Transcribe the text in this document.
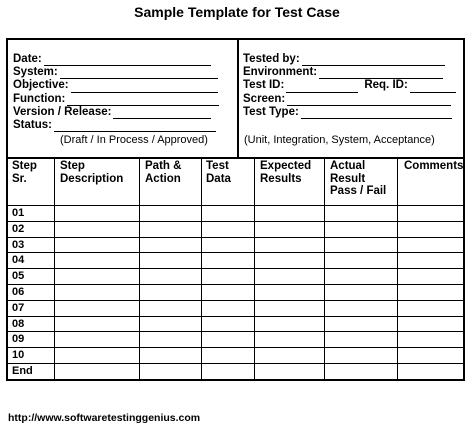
Sample Template for Test Case
Date:
System:
Objective:
Function:
Version / Release:
Status:
(Draft / In Process / Approved)
Tested by:
Environment:
Test ID:	Req. ID:
Screen:
Test Type:
(Unit, Integration, System, Acceptance)
Step
Sr.
Step
Description
Path &
Action
Test
Data
Expected
Results
Actual
Result
Pass / Fail
Comments
01
02
03
04
05
06
07
08
09
10
End
http://www.softwaretestinggenius.com
